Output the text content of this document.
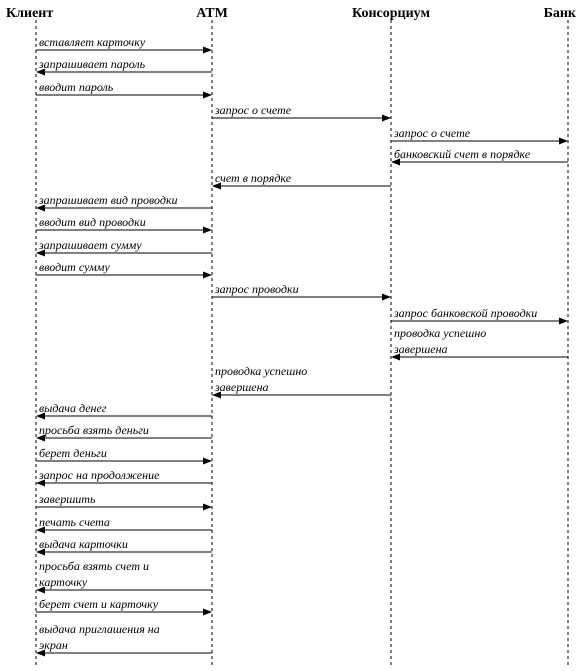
Клиент	ATM	Консорциум	Банк
вставляет карточку
запрашивает пароль
вводит пароль
запрос о счете
запрос о счете
банковский счет в порядке
счет в порядке
запрашивает вид проводки
вводит вид проводки
запрашивает сумму
вводит сумму
запрос проводки
запрос банковской проводки
проводка успешно
завершена
проводка успешно
завершена
выдача денег
просьба взять деньги
берет деньги
запрос на продолжение
завершить
печать счета
выдача карточки
просьба взять счет и
карточку
берет счет и карточку
выдача приглашения на
экран
